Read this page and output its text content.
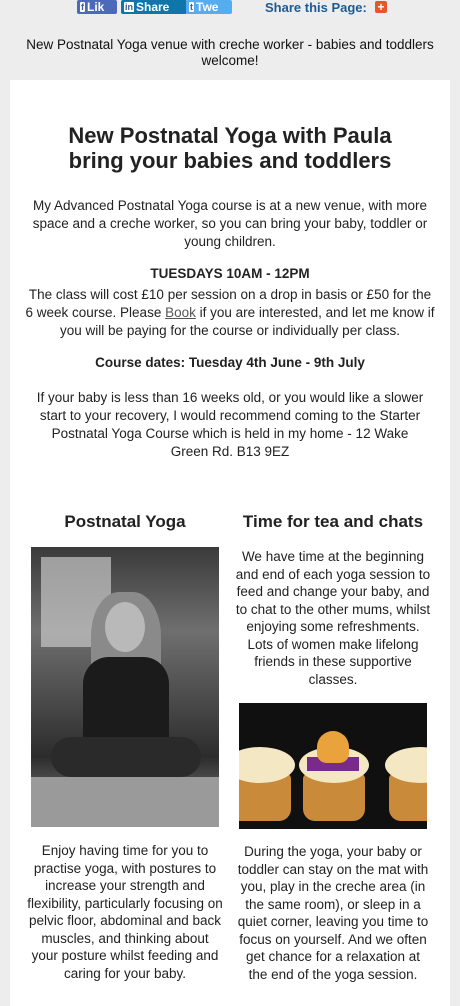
f Lik	in Share	t Twe	Share this Page: +
New Postnatal Yoga venue with creche worker - babies and toddlers welcome!
New Postnatal Yoga with Paula bring your babies and toddlers
My Advanced Postnatal Yoga course is at a new venue, with more space and a creche worker, so you can bring your baby, toddler or young children.
TUESDAYS 10AM - 12PM
The class will cost £10 per session on a drop in basis or £50 for the 6 week course. Please Book if you are interested, and let me know if you will be paying for the course or individually per class.
Course dates: Tuesday 4th June - 9th July
If your baby is less than 16 weeks old, or you would like a slower start to your recovery, I would recommend coming to the Starter Postnatal Yoga Course which is held in my home - 12 Wake Green Rd. B13 9EZ
Postnatal Yoga

Enjoy having time for you to practise yoga, with postures to increase your strength and flexibility, particularly focusing on pelvic floor, abdominal and back muscles, and thinking about your posture whilst feeding and caring for your baby.

Time for tea and chats

We have time at the beginning and end of each yoga session to feed and change your baby, and to chat to the other mums, whilst enjoying some refreshments.

Lots of women make lifelong friends in these supportive classes.

During the yoga, your baby or toddler can stay on the mat with you, play in the creche area (in the same room), or sleep in a quiet corner, leaving you time to focus on yourself. And we often get chance for a relaxation at the end of the yoga session.
